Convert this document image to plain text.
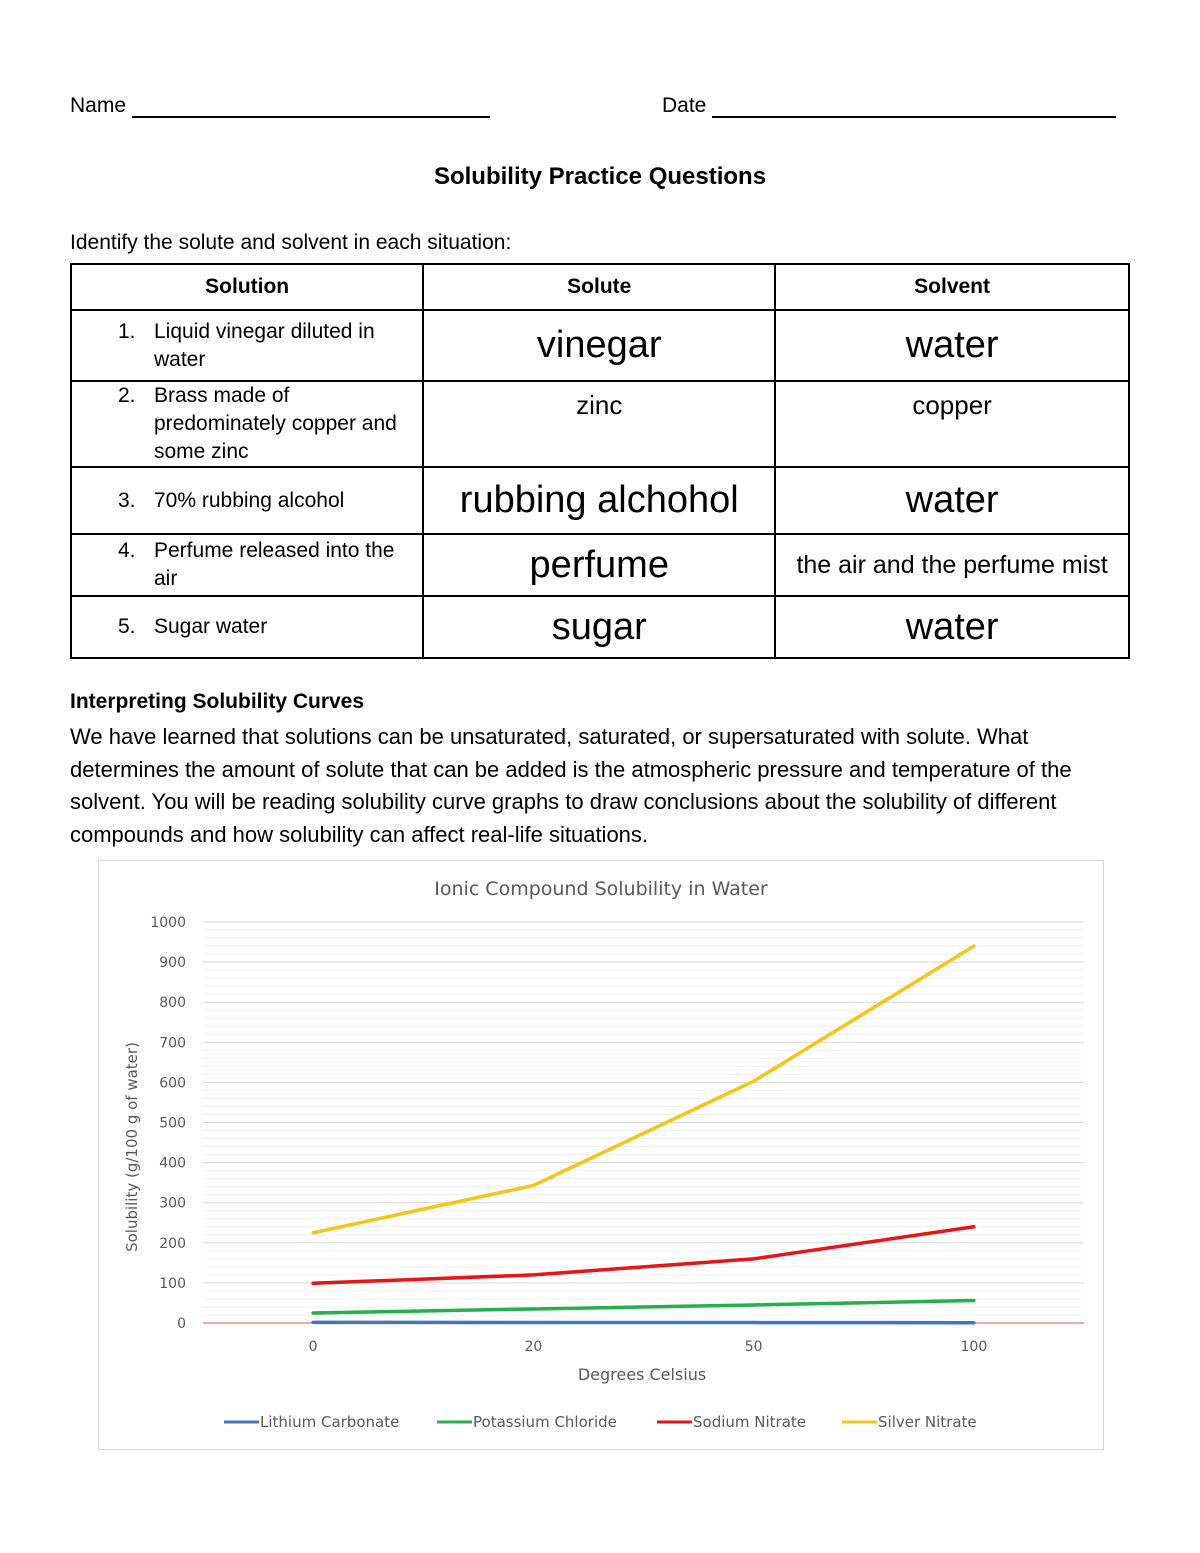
Name	Date
Solubility Practice Questions
Identify the solute and solvent in each situation:
Solution	Solute	Solvent

1. Liquid vinegar diluted in water	vinegar	water

2. Brass made of predominately copper and some zinc	zinc	copper

3. 70% rubbing alcohol	rubbing alchohol	water

4. Perfume released into the air	perfume	the air and the perfume mist

5. Sugar water	sugar	water
Interpreting Solubility Curves
We have learned that solutions can be unsaturated, saturated, or supersaturated with solute. What determines the amount of solute that can be added is the atmospheric pressure and temperature of the solvent. You will be reading solubility curve graphs to draw conclusions about the solubility of different compounds and how solubility can affect real-life situations.
Ionic Compound Solubility in Water
0
100
200
300
400
500
600
700
800
900
1000
0	20	50	100
Solubility (g/100 g of water)
Degrees Celsius
Lithium Carbonate	Potassium Chloride	Sodium Nitrate	Silver Nitrate
